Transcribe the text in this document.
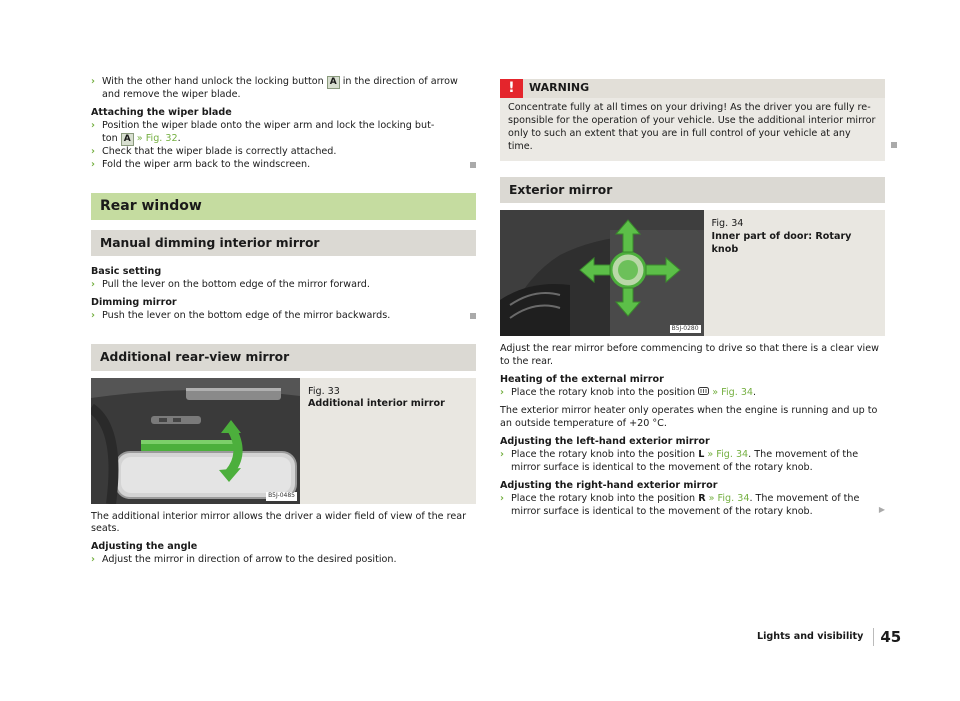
› With the other hand unlock the locking button A in the direction of arrow and remove the wiper blade.

Attaching the wiper blade

› Position the wiper blade onto the wiper arm and lock the locking but-
ton A » Fig. 32.

› Check that the wiper blade is correctly attached.

› Fold the wiper arm back to the windscreen.

Rear window
Manual dimming interior mirror

Basic setting

› Pull the lever on the bottom edge of the mirror forward.

Dimming mirror

› Push the lever on the bottom edge of the mirror backwards.

Additional rear-view mirror
B5J-0485

Fig. 33

Additional interior mirror

The additional interior mirror allows the driver a wider field of view of the rear seats.

Adjusting the angle

› Adjust the mirror in direction of arrow to the desired position.

!	WARNING

Concentrate fully at all times on your driving! As the driver you are fully re-sponsible for the operation of your vehicle. Use the additional interior mirror only to such an extent that you are in full control of your vehicle at any time.

Exterior mirror
B5J-0280

Fig. 34

Inner part of door: Rotary knob

Adjust the rear mirror before commencing to drive so that there is a clear view to the rear.

Heating of the external mirror

› Place the rotary knob into the position  » Fig. 34.

The exterior mirror heater only operates when the engine is running and up to an outside temperature of +20 °C.

Adjusting the left-hand exterior mirror

› Place the rotary knob into the position L » Fig. 34. The movement of the mirror surface is identical to the movement of the rotary knob.

Adjusting the right-hand exterior mirror

› Place the rotary knob into the position R » Fig. 34. The movement of the mirror surface is identical to the movement of the rotary knob.	▶
Lights and visibility 45
